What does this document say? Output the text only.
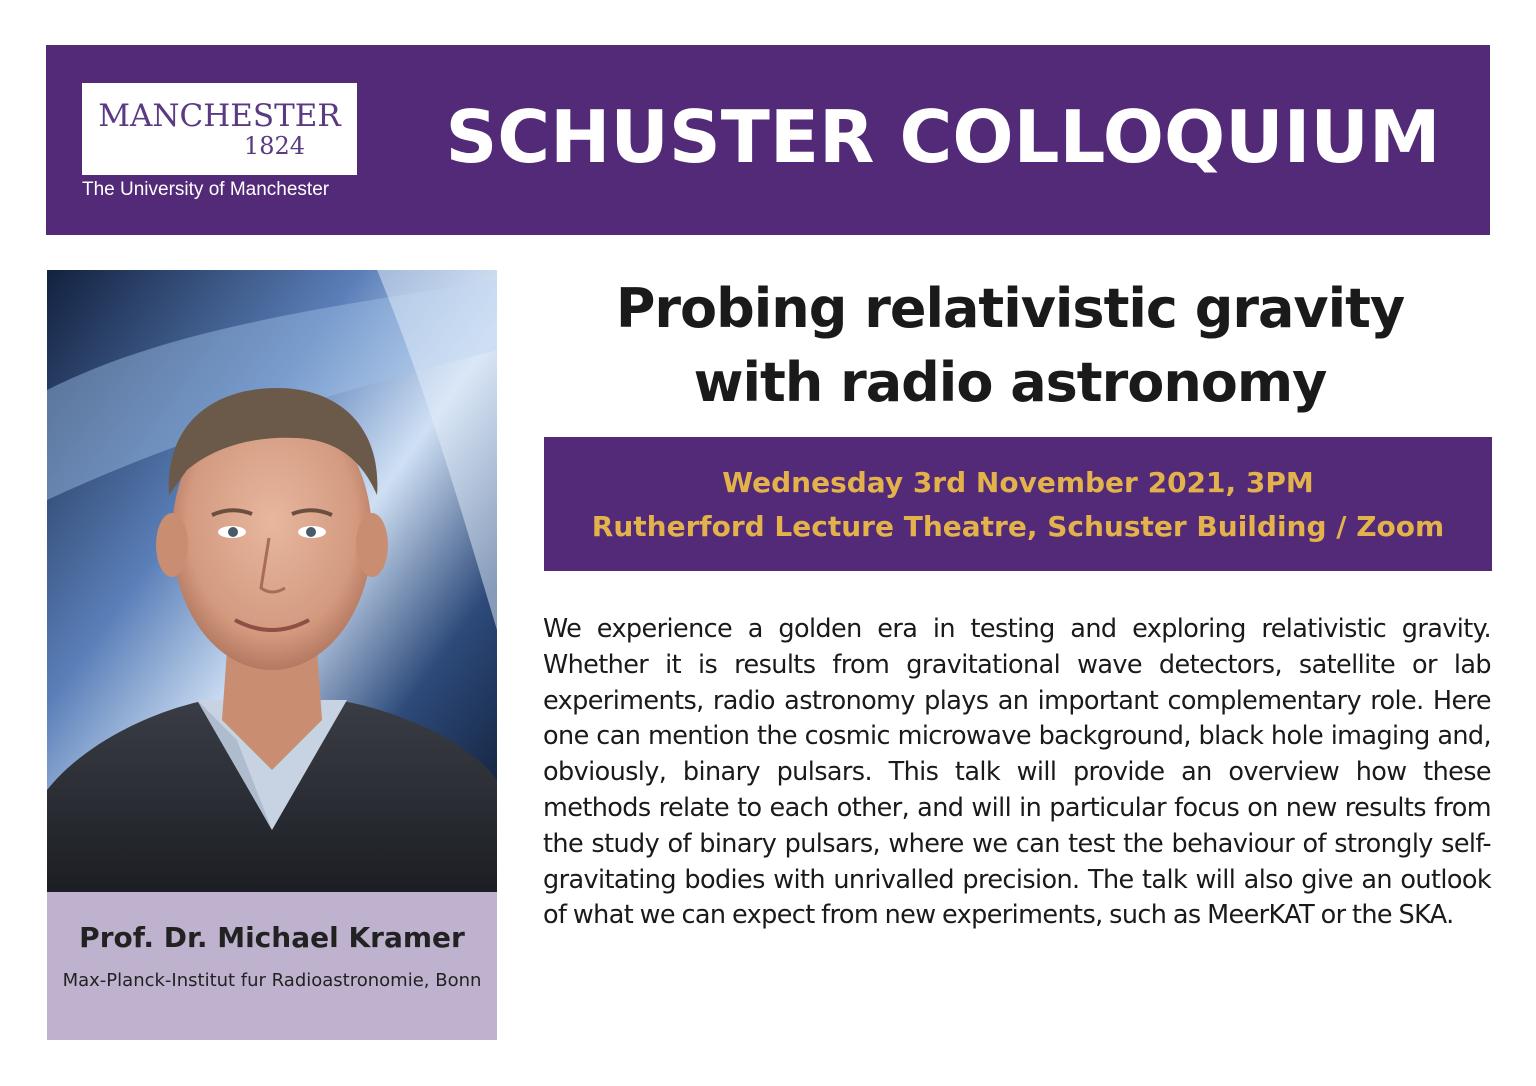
MANCHESTER
1824
The University of Manchester
SCHUSTER COLLOQUIUM
Prof. Dr. Michael Kramer
Max-Planck-Institut fur Radioastronomie, Bonn
Probing relativistic gravity
with radio astronomy
Wednesday 3rd November 2021, 3PM
Rutherford Lecture Theatre, Schuster Building / Zoom
We experience a golden era in testing and exploring relativistic gravity. Whether it is results from gravitational wave detectors, satellite or lab experiments, radio astronomy plays an important complementary role. Here one can mention the cosmic microwave background, black hole imaging and, obviously, binary pulsars. This talk will provide an overview how these methods relate to each other, and will in particular focus on new results from the study of binary pulsars, where we can test the behaviour of strongly self-gravitating bodies with unrivalled precision. The talk will also give an outlook of what we can expect from new experiments, such as MeerKAT or the SKA.
